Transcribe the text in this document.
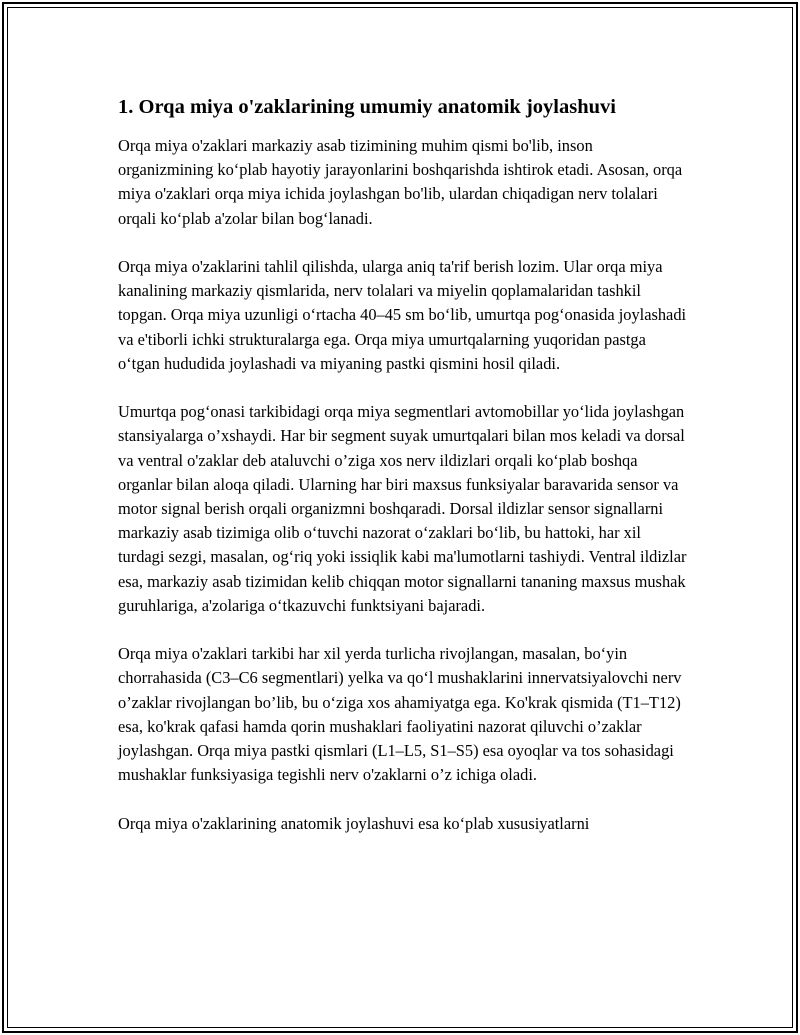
1. Orqa miya o'zaklarining umumiy anatomik joylashuvi

Orqa miya o'zaklari markaziy asab tizimining muhim qismi bo'lib, inson organizmining ko‘plab hayotiy jarayonlarini boshqarishda ishtirok etadi. Asosan, orqa miya o'zaklari orqa miya ichida joylashgan bo'lib, ulardan chiqadigan nerv tolalari orqali ko‘plab a'zolar bilan bog‘lanadi.

Orqa miya o'zaklarini tahlil qilishda, ularga aniq ta'rif berish lozim. Ular orqa miya kanalining markaziy qismlarida, nerv tolalari va miyelin qoplamalaridan tashkil topgan. Orqa miya uzunligi o‘rtacha 40–45 sm bo‘lib, umurtqa pog‘onasida joylashadi va e'tiborli ichki strukturalarga ega. Orqa miya umurtqalarning yuqoridan pastga o‘tgan hududida joylashadi va miyaning pastki qismini hosil qiladi.

Umurtqa pog‘onasi tarkibidagi orqa miya segmentlari avtomobillar yo‘lida joylashgan stansiyalarga o’xshaydi. Har bir segment suyak umurtqalari bilan mos keladi va dorsal va ventral o'zaklar deb ataluvchi o’ziga xos nerv ildizlari orqali ko‘plab boshqa organlar bilan aloqa qiladi. Ularning har biri maxsus funksiyalar baravarida sensor va motor signal berish orqali organizmni boshqaradi. Dorsal ildizlar sensor signallarni markaziy asab tizimiga olib o‘tuvchi nazorat o‘zaklari bo‘lib, bu hattoki, har xil turdagi sezgi, masalan, og‘riq yoki issiqlik kabi ma'lumotlarni tashiydi. Ventral ildizlar esa, markaziy asab tizimidan kelib chiqqan motor signallarni tananing maxsus mushak guruhlariga, a'zolariga o‘tkazuvchi funktsiyani bajaradi.

Orqa miya o'zaklari tarkibi har xil yerda turlicha rivojlangan, masalan, bo‘yin chorrahasida (C3–C6 segmentlari) yelka va qo‘l mushaklarini innervatsiyalovchi nerv o’zaklar rivojlangan bo’lib, bu o‘ziga xos ahamiyatga ega. Ko'krak qismida (T1–T12) esa, ko'krak qafasi hamda qorin mushaklari faoliyatini nazorat qiluvchi o’zaklar joylashgan. Orqa miya pastki qismlari (L1–L5, S1–S5) esa oyoqlar va tos sohasidagi mushaklar funksiyasiga tegishli nerv o'zaklarni o’z ichiga oladi.

Orqa miya o'zaklarining anatomik joylashuvi esa ko‘plab xususiyatlarni
